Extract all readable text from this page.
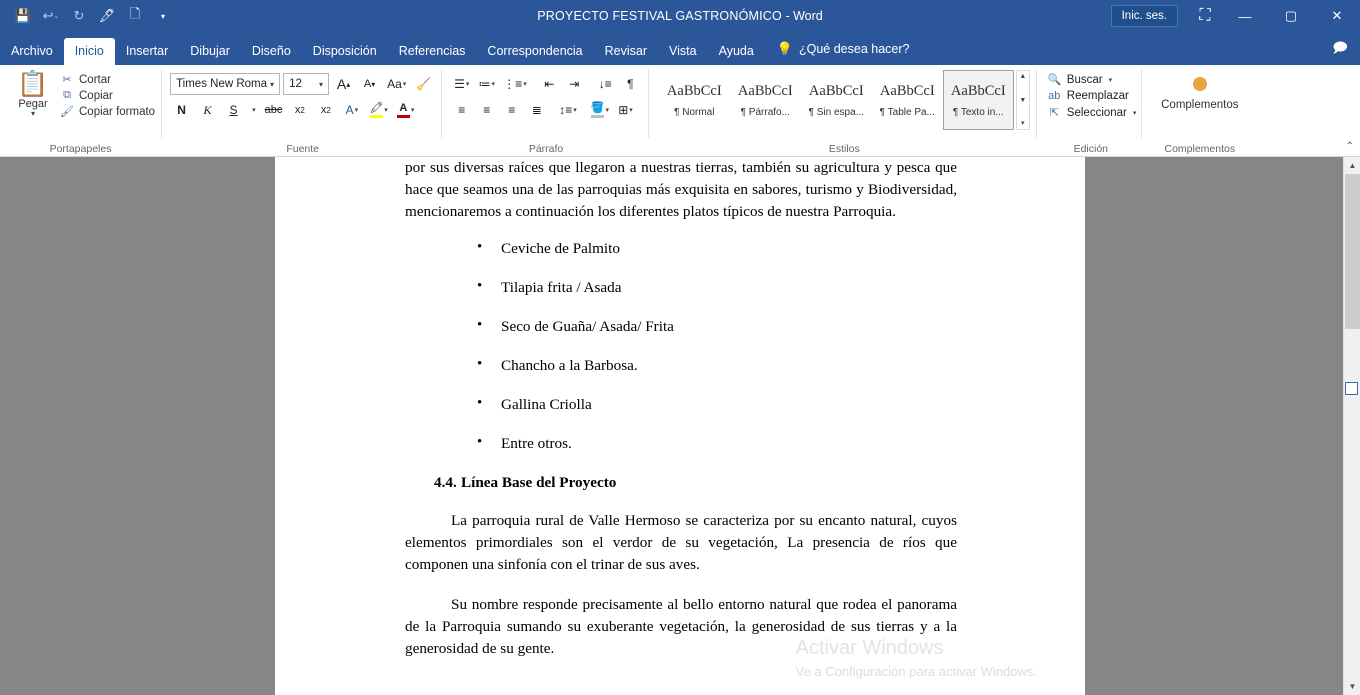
💾 ↩ ⌄	↻	🖊	🗋	▾	PROYECTO FESTIVAL GASTRONÓMICO - Word	Inic. ses.	⛶	—	▢	✕
Archivo	Inicio	Insertar	Dibujar	Diseño	Disposición	Referencias	Correspondencia	Revisar	Vista	Ayuda	💡 ¿Qué desea hacer?	🗩
📋
Pegar
▾
✂ Cortar
⧉ Copiar
🖌 Copiar formato
Portapapeles
Times New Roma ▾ 12	▾ A ▴	A ▾ Aa ▾ 🧹
N	K	S	▾ abc	x 2	x 2	A ▾ 🖍 ▾ A ▾
Fuente
☰ ▾ ≔ ▾ ⋮≡ ▾	⇤	⇥	↓≡	¶
≡	≡	≡	≣	↕≡ ▾ 🪣 ▾ ⊞ ▾
Párrafo
AaBbCcI
¶ Normal
AaBbCcI
¶ Párrafo...
AaBbCcI
¶ Sin espa...
AaBbCcI
¶ Table Pa...
AaBbCcI
¶ Texto in...
▲
▼
▾
Estilos
🔍 Buscar ▾
ab Reemplazar
⇱ Seleccionar ▾
Edición
Complementos
Complementos	⌃

por sus diversas raíces que llegaron a nuestras tierras, también su agricultura y pesca que hace que seamos una de las parroquias más exquisita en sabores, turismo y Biodiversidad, mencionaremos a continuación los diferentes platos típicos de nuestra Parroquia.

• Ceviche de Palmito
• Tilapia frita / Asada
• Seco de Guaña/ Asada/ Frita
• Chancho a la Barbosa.
• Gallina Criolla
• Entre otros.
4.4. Línea Base del Proyecto

La parroquia rural de Valle Hermoso se caracteriza por su encanto natural, cuyos elementos primordiales son el verdor de su vegetación, La presencia de ríos que componen una sinfonía con el trinar de sus aves.

Su nombre responde precisamente al bello entorno natural que rodea el panorama de la Parroquia sumando su exuberante vegetación, la generosidad de sus tierras y a la generosidad de su gente.	Activar Windows
Ve a Configuración para activar Windows.
▲
▼
